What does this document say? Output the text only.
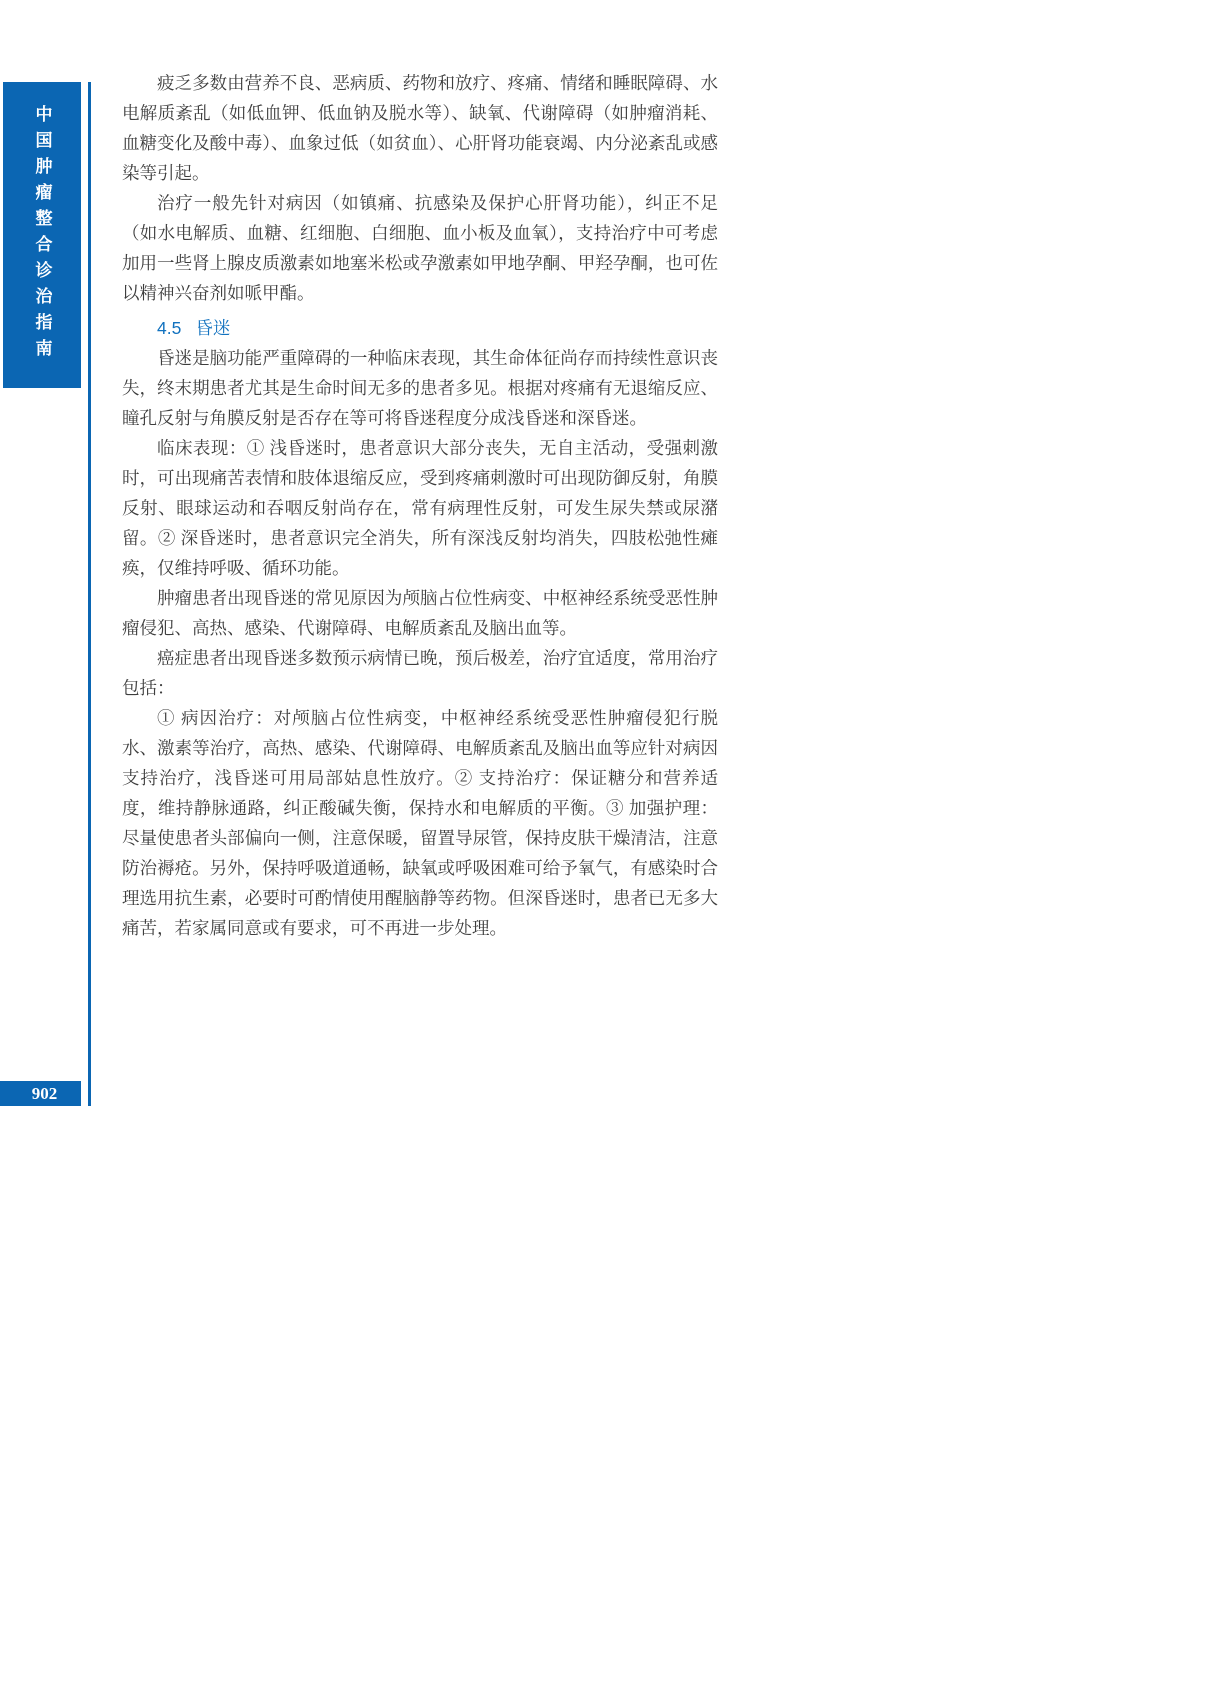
中国肿瘤整合诊治指南
902

疲乏多数由营养不良、恶病质、药物和放疗、疼痛、情绪和睡眠障碍、水电解质紊乱（如低血钾、低血钠及脱水等）、缺氧、代谢障碍（如肿瘤消耗、血糖变化及酸中毒）、血象过低（如贫血）、心肝肾功能衰竭、内分泌紊乱或感染等引起。

治疗一般先针对病因（如镇痛、抗感染及保护心肝肾功能），纠正不足（如水电解质、血糖、红细胞、白细胞、血小板及血氧），支持治疗中可考虑加用一些肾上腺皮质激素如地塞米松或孕激素如甲地孕酮、甲羟孕酮，也可佐以精神兴奋剂如哌甲酯。

4.5 昏迷

昏迷是脑功能严重障碍的一种临床表现，其生命体征尚存而持续性意识丧失，终末期患者尤其是生命时间无多的患者多见。根据对疼痛有无退缩反应、瞳孔反射与角膜反射是否存在等可将昏迷程度分成浅昏迷和深昏迷。

临床表现：① 浅昏迷时，患者意识大部分丧失，无自主活动，受强刺激时，可出现痛苦表情和肢体退缩反应，受到疼痛刺激时可出现防御反射，角膜反射、眼球运动和吞咽反射尚存在，常有病理性反射，可发生尿失禁或尿潴留。② 深昏迷时，患者意识完全消失，所有深浅反射均消失，四肢松弛性瘫痪，仅维持呼吸、循环功能。

肿瘤患者出现昏迷的常见原因为颅脑占位性病变、中枢神经系统受恶性肿瘤侵犯、高热、感染、代谢障碍、电解质紊乱及脑出血等。

癌症患者出现昏迷多数预示病情已晚，预后极差，治疗宜适度，常用治疗包括：

① 病因治疗：对颅脑占位性病变，中枢神经系统受恶性肿瘤侵犯行脱水、激素等治疗，高热、感染、代谢障碍、电解质紊乱及脑出血等应针对病因支持治疗，浅昏迷可用局部姑息性放疗。② 支持治疗：保证糖分和营养适度，维持静脉通路，纠正酸碱失衡，保持水和电解质的平衡。③ 加强护理：尽量使患者头部偏向一侧，注意保暖，留置导尿管，保持皮肤干燥清洁，注意防治褥疮。另外，保持呼吸道通畅，缺氧或呼吸困难可给予氧气，有感染时合理选用抗生素，必要时可酌情使用醒脑静等药物。但深昏迷时，患者已无多大痛苦，若家属同意或有要求，可不再进一步处理。
